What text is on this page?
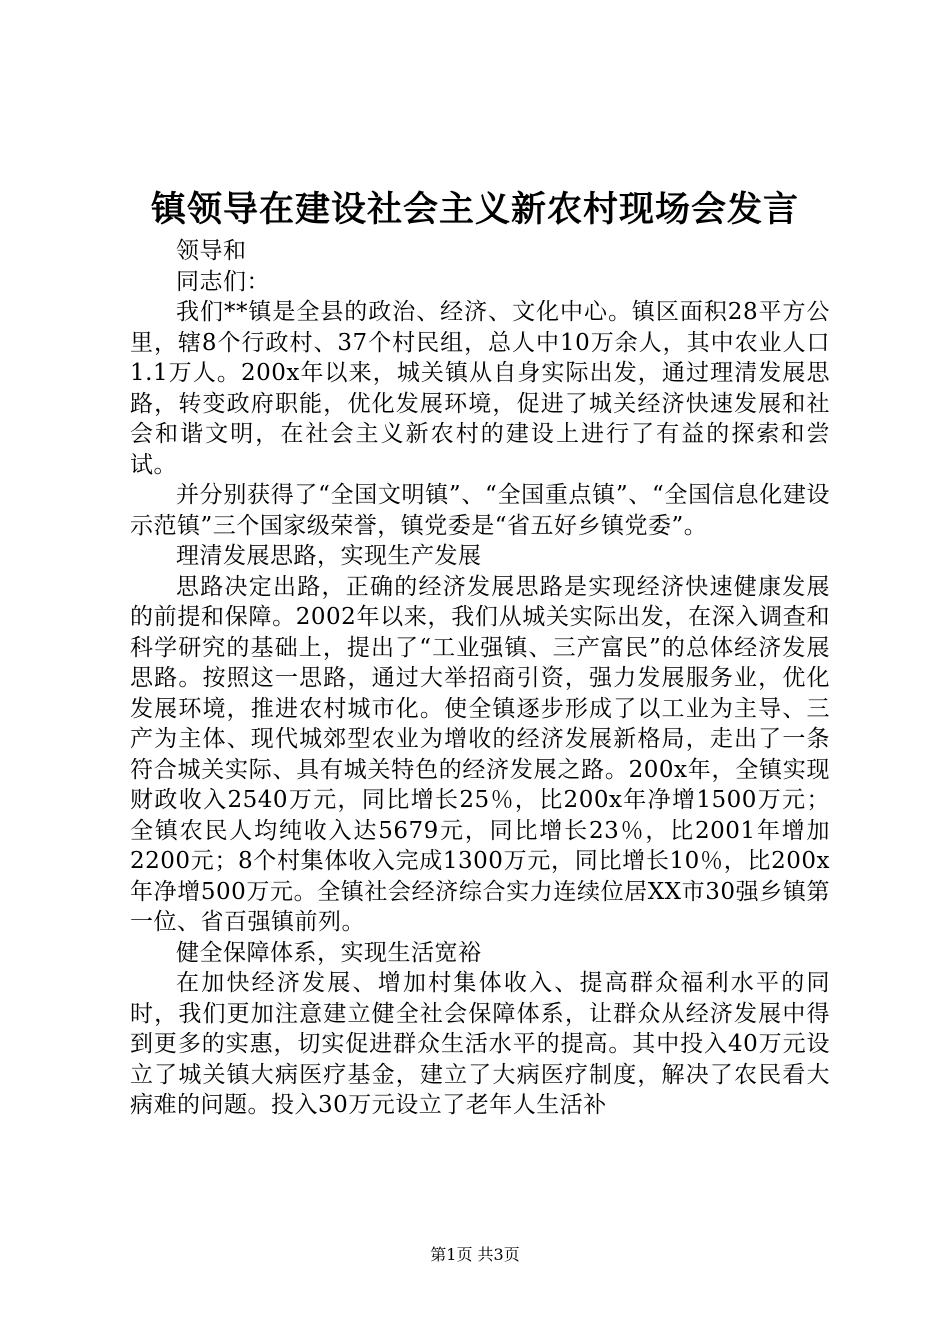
镇领导在建设社会主义新农村现场会发言

领导和

同志们：

我们**镇是全县的政治、经济、文化中心。镇区面积28平方公里，辖8个行政村、37个村民组，总人中10万余人，其中农业人口1.1万人。200x年以来，城关镇从自身实际出发，通过理清发展思路，转变政府职能，优化发展环境，促进了城关经济快速发展和社会和谐文明，在社会主义新农村的建设上进行了有益的探索和尝试。

并分别获得了“全国文明镇”、“全国重点镇”、“全国信息化建设示范镇”三个国家级荣誉，镇党委是“省五好乡镇党委”。

理清发展思路，实现生产发展

思路决定出路，正确的经济发展思路是实现经济快速健康发展的前提和保障。2002年以来，我们从城关实际出发，在深入调查和科学研究的基础上，提出了“工业强镇、三产富民”的总体经济发展思路。按照这一思路，通过大举招商引资，强力发展服务业，优化发展环境，推进农村城市化。使全镇逐步形成了以工业为主导、三产为主体、现代城郊型农业为增收的经济发展新格局，走出了一条符合城关实际、具有城关特色的经济发展之路。200x年，全镇实现财政收入2540万元，同比增长25％，比200x年净增1500万元；全镇农民人均纯收入达5679元，同比增长23％，比2001年增加2200元；8个村集体收入完成1300万元，同比增长10％，比200x年净增500万元。全镇社会经济综合实力连续位居XX市30强乡镇第一位、省百强镇前列。

健全保障体系，实现生活宽裕

在加快经济发展、增加村集体收入、提高群众福利水平的同时，我们更加注意建立健全社会保障体系，让群众从经济发展中得到更多的实惠，切实促进群众生活水平的提高。其中投入40万元设立了城关镇大病医疗基金，建立了大病医疗制度，解决了农民看大病难的问题。投入30万元设立了老年人生活补

第1页 共3页
